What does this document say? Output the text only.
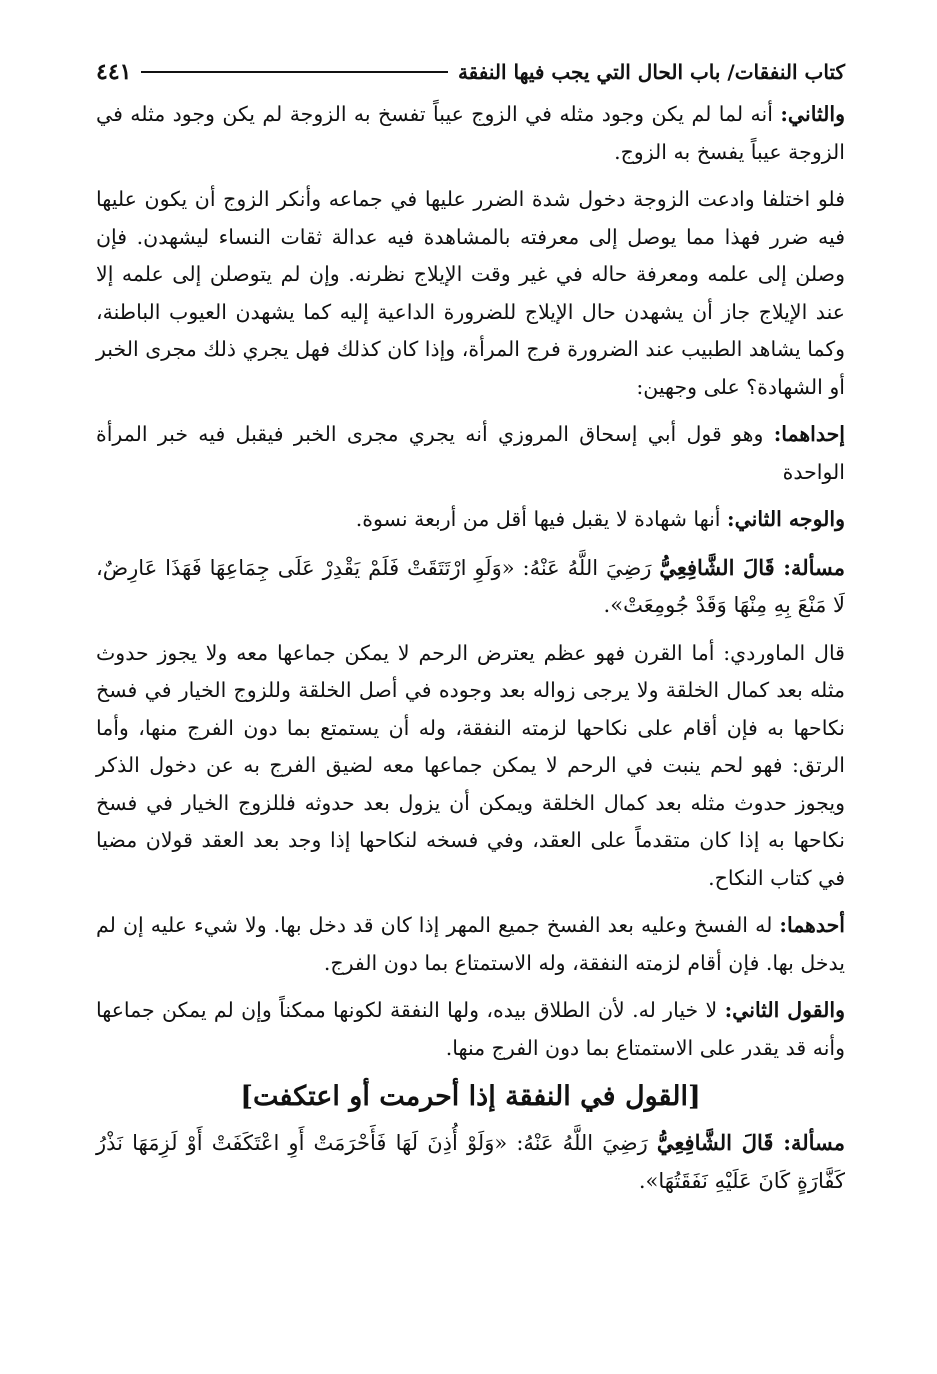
كتاب النفقات/ باب الحال التي يجب فيها النفقة
٤٤١

والثاني: أنه لما لم يكن وجود مثله في الزوج عيباً تفسخ به الزوجة لم يكن وجود مثله في الزوجة عيباً يفسخ به الزوج.

فلو اختلفا وادعت الزوجة دخول شدة الضرر عليها في جماعه وأنكر الزوج أن يكون عليها فيه ضرر فهذا مما يوصل إلى معرفته بالمشاهدة فيه عدالة ثقات النساء ليشهدن. فإن وصلن إلى علمه ومعرفة حاله في غير وقت الإيلاج نظرنه. وإن لم يتوصلن إلى علمه إلا عند الإيلاج جاز أن يشهدن حال الإيلاج للضرورة الداعية إليه كما يشهدن العيوب الباطنة، وكما يشاهد الطبيب عند الضرورة فرج المرأة، وإذا كان كذلك فهل يجري ذلك مجرى الخبر أو الشهادة؟ على وجهين:

إحداهما: وهو قول أبي إسحاق المروزي أنه يجري مجرى الخبر فيقبل فيه خبر المرأة الواحدة

والوجه الثاني: أنها شهادة لا يقبل فيها أقل من أربعة نسوة.

مسألة: قَالَ الشَّافِعِيُّ رَضِيَ اللَّهُ عَنْهُ: «وَلَوِ ارْتَتَقَتْ فَلَمْ يَقْدِرْ عَلَى جِمَاعِهَا فَهَذَا عَارِضٌ، لَا مَنْعَ بِهِ مِنْهَا وَقَدْ جُومِعَتْ».

قال الماوردي: أما القرن فهو عظم يعترض الرحم لا يمكن جماعها معه ولا يجوز حدوث مثله بعد كمال الخلقة ولا يرجى زواله بعد وجوده في أصل الخلقة وللزوج الخيار في فسخ نكاحها به فإن أقام على نكاحها لزمته النفقة، وله أن يستمتع بما دون الفرج منها، وأما الرتق: فهو لحم ينبت في الرحم لا يمكن جماعها معه لضيق الفرج به عن دخول الذكر ويجوز حدوث مثله بعد كمال الخلقة ويمكن أن يزول بعد حدوثه فللزوج الخيار في فسخ نكاحها به إذا كان متقدماً على العقد، وفي فسخه لنكاحها إذا وجد بعد العقد قولان مضيا في كتاب النكاح.

أحدهما: له الفسخ وعليه بعد الفسخ جميع المهر إذا كان قد دخل بها. ولا شيء عليه إن لم يدخل بها. فإن أقام لزمته النفقة، وله الاستمتاع بما دون الفرج.

والقول الثاني: لا خيار له. لأن الطلاق بيده، ولها النفقة لكونها ممكناً وإن لم يمكن جماعها وأنه قد يقدر على الاستمتاع بما دون الفرج منها.

[القول في النفقة إذا أحرمت أو اعتكفت]

مسألة: قَالَ الشَّافِعِيُّ رَضِيَ اللَّهُ عَنْهُ: «وَلَوْ أُذِنَ لَهَا فَأَحْرَمَتْ أَوِ اعْتَكَفَتْ أَوْ لَزِمَهَا نَذْرُ كَفَّارَةٍ كَانَ عَلَيْهِ نَفَقَتُهَا».
